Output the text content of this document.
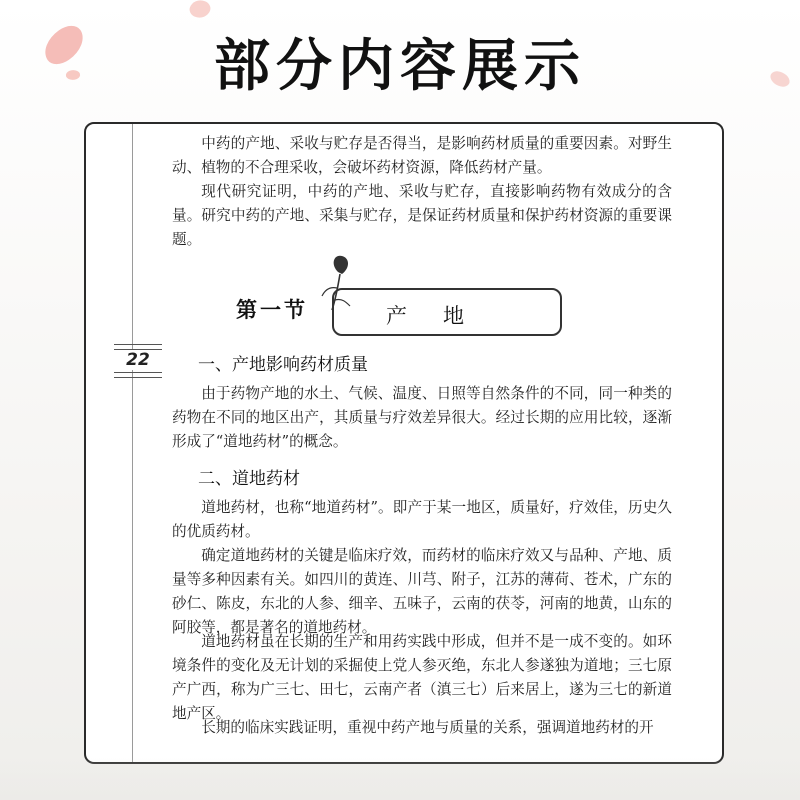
部分内容展示
22

中药的产地、采收与贮存是否得当，是影响药材质量的重要因素。对野生动、植物的不合理采收，会破坏药材资源，降低药材产量。

现代研究证明，中药的产地、采收与贮存，直接影响药物有效成分的含量。研究中药的产地、采集与贮存，是保证药材质量和保护药材资源的重要课题。

第一节	产地
一、产地影响药材质量

由于药物产地的水土、气候、温度、日照等自然条件的不同，同一种类的药物在不同的地区出产，其质量与疗效差异很大。经过长期的应用比较，逐渐形成了“道地药材”的概念。

二、道地药材

道地药材，也称“地道药材”。即产于某一地区，质量好，疗效佳，历史久的优质药材。

确定道地药材的关键是临床疗效，而药材的临床疗效又与品种、产地、质量等多种因素有关。如四川的黄连、川芎、附子，江苏的薄荷、苍术，广东的砂仁、陈皮，东北的人参、细辛、五味子，云南的茯苓，河南的地黄，山东的阿胶等，都是著名的道地药材。

道地药材虽在长期的生产和用药实践中形成，但并不是一成不变的。如环境条件的变化及无计划的采掘使上党人参灭绝，东北人参遂独为道地；三七原产广西，称为广三七、田七，云南产者（滇三七）后来居上，遂为三七的新道地产区。

长期的临床实践证明，重视中药产地与质量的关系，强调道地药材的开
